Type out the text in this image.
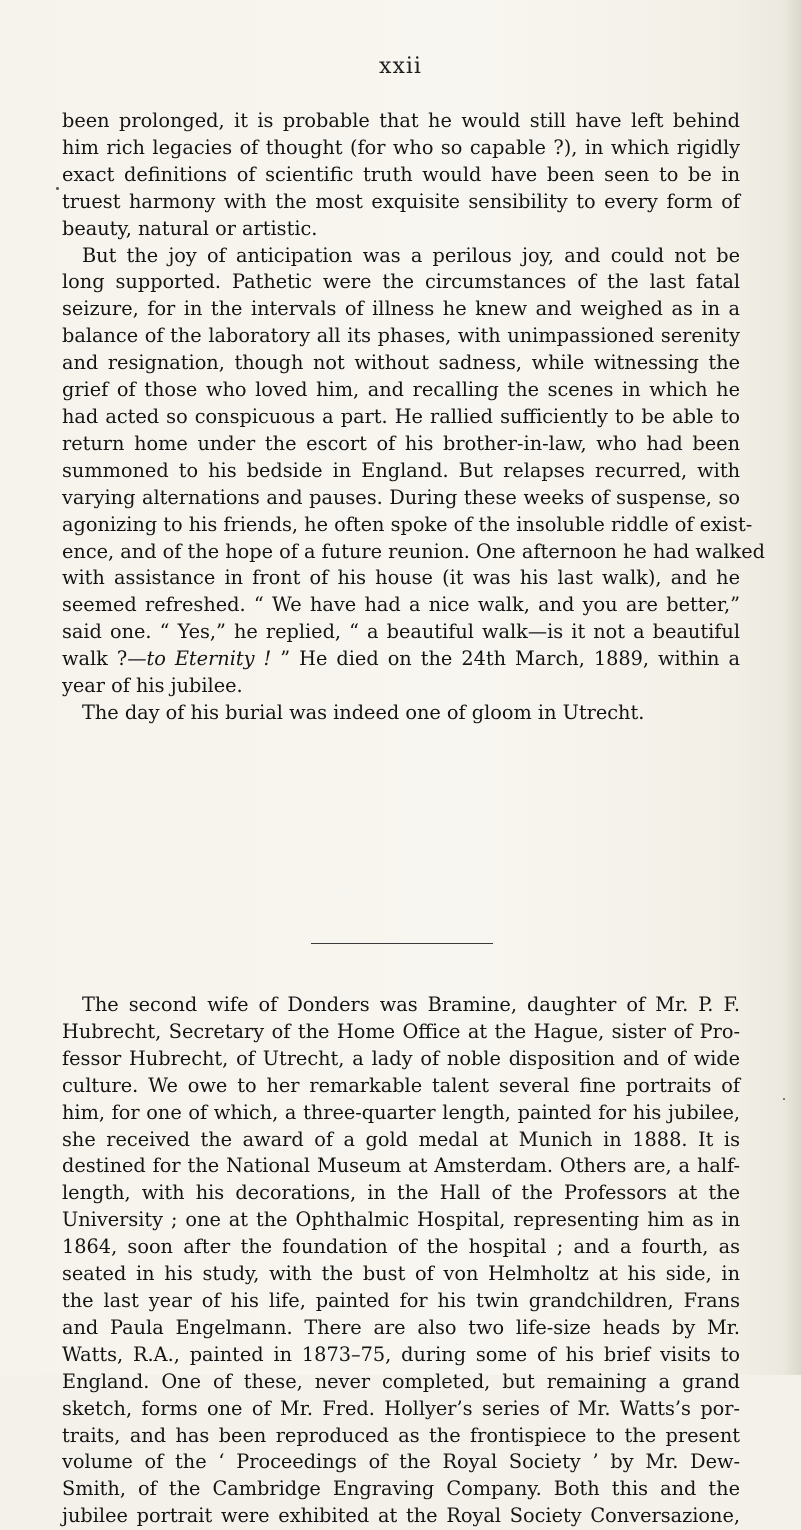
xxii
been prolonged, it is probable that he would still have left behind
him rich legacies of thought (for who so capable ?), in which rigidly
exact definitions of scientific truth would have been seen to be in
truest harmony with the most exquisite sensibility to every form of
beauty, natural or artistic.
But the joy of anticipation was a perilous joy, and could not be
long supported. Pathetic were the circumstances of the last fatal
seizure, for in the intervals of illness he knew and weighed as in a
balance of the laboratory all its phases, with unimpassioned serenity
and resignation, though not without sadness, while witnessing the
grief of those who loved him, and recalling the scenes in which he
had acted so conspicuous a part. He rallied sufficiently to be able to
return home under the escort of his brother-in-law, who had been
summoned to his bedside in England. But relapses recurred, with
varying alternations and pauses. During these weeks of suspense, so
agonizing to his friends, he often spoke of the insoluble riddle of exist-
ence, and of the hope of a future reunion. One afternoon he had walked
with assistance in front of his house (it was his last walk), and he
seemed refreshed. “ We have had a nice walk, and you are better,”
said one. “ Yes,” he replied, “ a beautiful walk—is it not a beautiful
walk ?—to Eternity ! ” He died on the 24th March, 1889, within a
year of his jubilee.
The day of his burial was indeed one of gloom in Utrecht.
The second wife of Donders was Bramine, daughter of Mr. P. F.
Hubrecht, Secretary of the Home Office at the Hague, sister of Pro-
fessor Hubrecht, of Utrecht, a lady of noble disposition and of wide
culture. We owe to her remarkable talent several fine portraits of
him, for one of which, a three-quarter length, painted for his jubilee,
she received the award of a gold medal at Munich in 1888. It is
destined for the National Museum at Amsterdam. Others are, a half-
length, with his decorations, in the Hall of the Professors at the
University ; one at the Ophthalmic Hospital, representing him as in
1864, soon after the foundation of the hospital ; and a fourth, as
seated in his study, with the bust of von Helmholtz at his side, in
the last year of his life, painted for his twin grandchildren, Frans
and Paula Engelmann. There are also two life-size heads by Mr.
Watts, R.A., painted in 1873–75, during some of his brief visits to
England. One of these, never completed, but remaining a grand
sketch, forms one of Mr. Fred. Hollyer’s series of Mr. Watts’s por-
traits, and has been reproduced as the frontispiece to the present
volume of the ‘ Proceedings of the Royal Society ’ by Mr. Dew-
Smith, of the Cambridge Engraving Company. Both this and the
jubilee portrait were exhibited at the Royal Society Conversazione,
